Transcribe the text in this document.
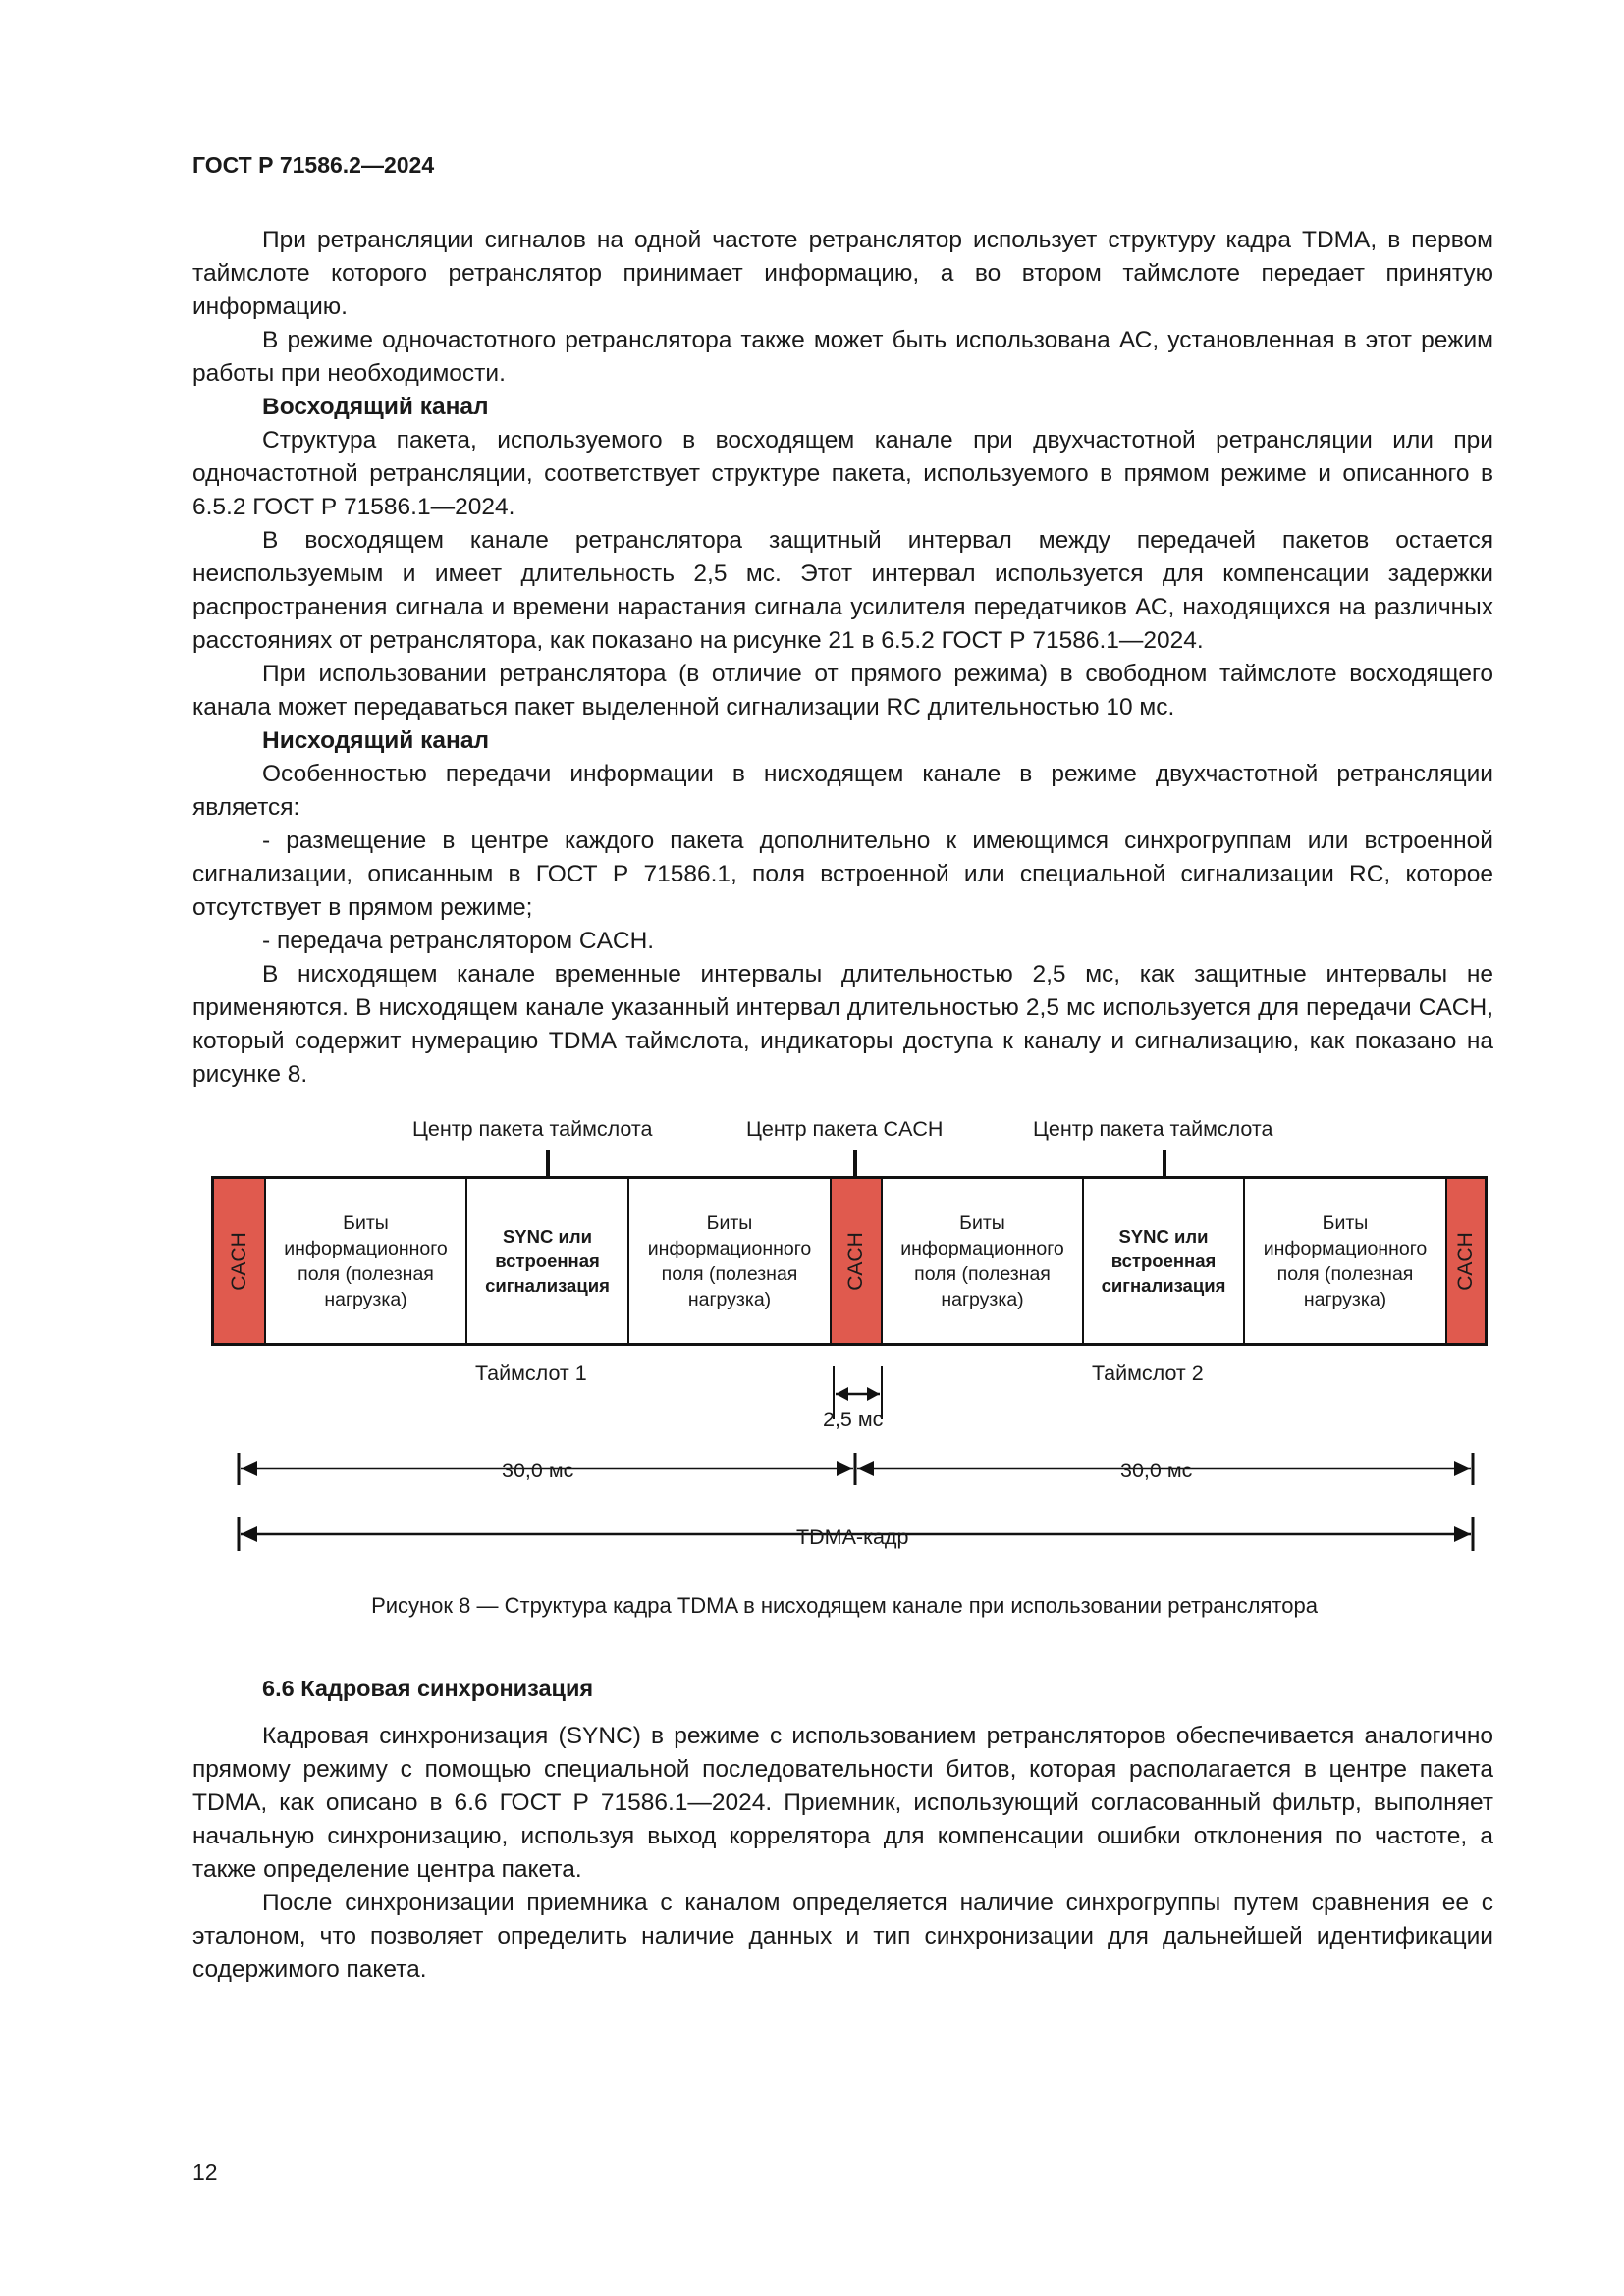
ГОСТ Р 71586.2—2024

При ретрансляции сигналов на одной частоте ретранслятор использует структуру кадра TDMA, в первом таймслоте которого ретранслятор принимает информацию, а во втором таймслоте передает принятую информацию.

В режиме одночастотного ретранслятора также может быть использована АС, установленная в этот режим работы при необходимости.

Восходящий канал

Структура пакета, используемого в восходящем канале при двухчастотной ретрансляции или при одночастотной ретрансляции, соответствует структуре пакета, используемого в прямом режиме и описанного в 6.5.2 ГОСТ Р 71586.1—2024.

В восходящем канале ретранслятора защитный интервал между передачей пакетов остается неиспользуемым и имеет длительность 2,5 мс. Этот интервал используется для компенсации задержки распространения сигнала и времени нарастания сигнала усилителя передатчиков АС, находящихся на различных расстояниях от ретранслятора, как показано на рисунке 21 в 6.5.2 ГОСТ Р 71586.1—2024.

При использовании ретранслятора (в отличие от прямого режима) в свободном таймслоте восходящего канала может передаваться пакет выделенной сигнализации RC длительностью 10 мс.

Нисходящий канал

Особенностью передачи информации в нисходящем канале в режиме двухчастотной ретрансляции является:

- размещение в центре каждого пакета дополнительно к имеющимся синхрогруппам или встроенной сигнализации, описанным в ГОСТ Р 71586.1, поля встроенной или специальной сигнализации RC, которое отсутствует в прямом режиме;

- передача ретранслятором CACH.

В нисходящем канале временные интервалы длительностью 2,5 мс, как защитные интервалы не применяются. В нисходящем канале указанный интервал длительностью 2,5 мс используется для передачи CACH, который содержит нумерацию TDMA таймслота, индикаторы доступа к каналу и сигнализацию, как показано на рисунке 8.

Центр пакета таймслота	Центр пакета CACH	Центр пакета таймслота
CACH
Биты информационного поля (полезная нагрузка)
SYNC или встроенная сигнализация
Биты информационного поля (полезная нагрузка)
CACH
Биты информационного поля (полезная нагрузка)
SYNC или встроенная сигнализация
Биты информационного поля (полезная нагрузка)
CACH
Таймслот 1	Таймслот 2
2,5 мс
30,0 мс	30,0 мс
TDMA-кадр
Рисунок 8 — Структура кадра TDMA в нисходящем канале при использовании ретранслятора
6.6 Кадровая синхронизация

Кадровая синхронизация (SYNC) в режиме с использованием ретрансляторов обеспечивается аналогично прямому режиму с помощью специальной последовательности битов, которая располагается в центре пакета TDMA, как описано в 6.6 ГОСТ Р 71586.1—2024. Приемник, использующий согласованный фильтр, выполняет начальную синхронизацию, используя выход коррелятора для компенсации ошибки отклонения по частоте, а также определение центра пакета.

После синхронизации приемника с каналом определяется наличие синхрогруппы путем сравнения ее с эталоном, что позволяет определить наличие данных и тип синхронизации для дальнейшей идентификации содержимого пакета.

12
